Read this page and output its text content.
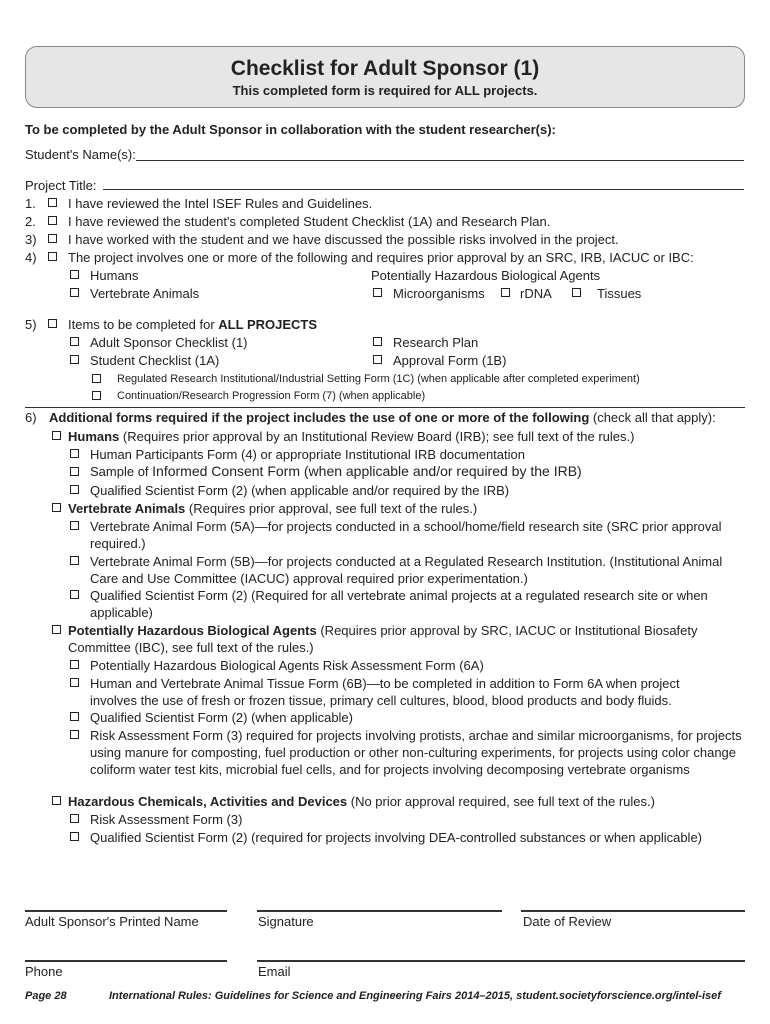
Checklist for Adult Sponsor (1)
This completed form is required for ALL projects.
To be completed by the Adult Sponsor in collaboration with the student researcher(s):
Student's Name(s):
Project Title:
1. I have reviewed the Intel ISEF Rules and Guidelines.
2. I have reviewed the student's completed Student Checklist (1A) and Research Plan.
3) I have worked with the student and we have discussed the possible risks involved in the project.
4) The project involves one or more of the following and requires prior approval by an SRC, IRB, IACUC or IBC:
Humans	Potentially Hazardous Biological Agents
Vertebrate Animals	Microorganisms	rDNA	Tissues
5) Items to be completed for ALL PROJECTS
Adult Sponsor Checklist (1)	Research Plan
Student Checklist (1A)	Approval Form (1B)
Regulated Research Institutional/Industrial Setting Form (1C) (when applicable after completed experiment)
Continuation/Research Progression Form (7) (when applicable)
6) Additional forms required if the project includes the use of one or more of the following (check all that apply):
Humans (Requires prior approval by an Institutional Review Board (IRB); see full text of the rules.)
Human Participants Form (4) or appropriate Institutional IRB documentation
Sample of Informed Consent Form (when applicable and/or required by the IRB)
Qualified Scientist Form (2) (when applicable and/or required by the IRB)
Vertebrate Animals (Requires prior approval, see full text of the rules.)
Vertebrate Animal Form (5A)—for projects conducted in a school/home/field research site (SRC prior approval required.)
Vertebrate Animal Form (5B)—for projects conducted at a Regulated Research Institution. (Institutional Animal Care and Use Committee (IACUC) approval required prior experimentation.)
Qualified Scientist Form (2) (Required for all vertebrate animal projects at a regulated research site or when applicable)
Potentially Hazardous Biological Agents (Requires prior approval by SRC, IACUC or Institutional Biosafety Committee (IBC), see full text of the rules.)
Potentially Hazardous Biological Agents Risk Assessment Form (6A)
Human and Vertebrate Animal Tissue Form (6B)—to be completed in addition to Form 6A when project involves the use of fresh or frozen tissue, primary cell cultures, blood, blood products and body fluids.
Qualified Scientist Form (2) (when applicable)
Risk Assessment Form (3) required for projects involving protists, archae and similar microorganisms, for projects using manure for composting, fuel production or other non-culturing experiments, for projects using color change coliform water test kits, microbial fuel cells, and for projects involving decomposing vertebrate organisms
Hazardous Chemicals, Activities and Devices (No prior approval required, see full text of the rules.)
Risk Assessment Form (3)
Qualified Scientist Form (2) (required for projects involving DEA-controlled substances or when applicable)
Adult Sponsor's Printed Name	Signature	Date of Review
Phone	Email
Page 28	International Rules: Guidelines for Science and Engineering Fairs 2014–2015, student.societyforscience.org/intel-isef
